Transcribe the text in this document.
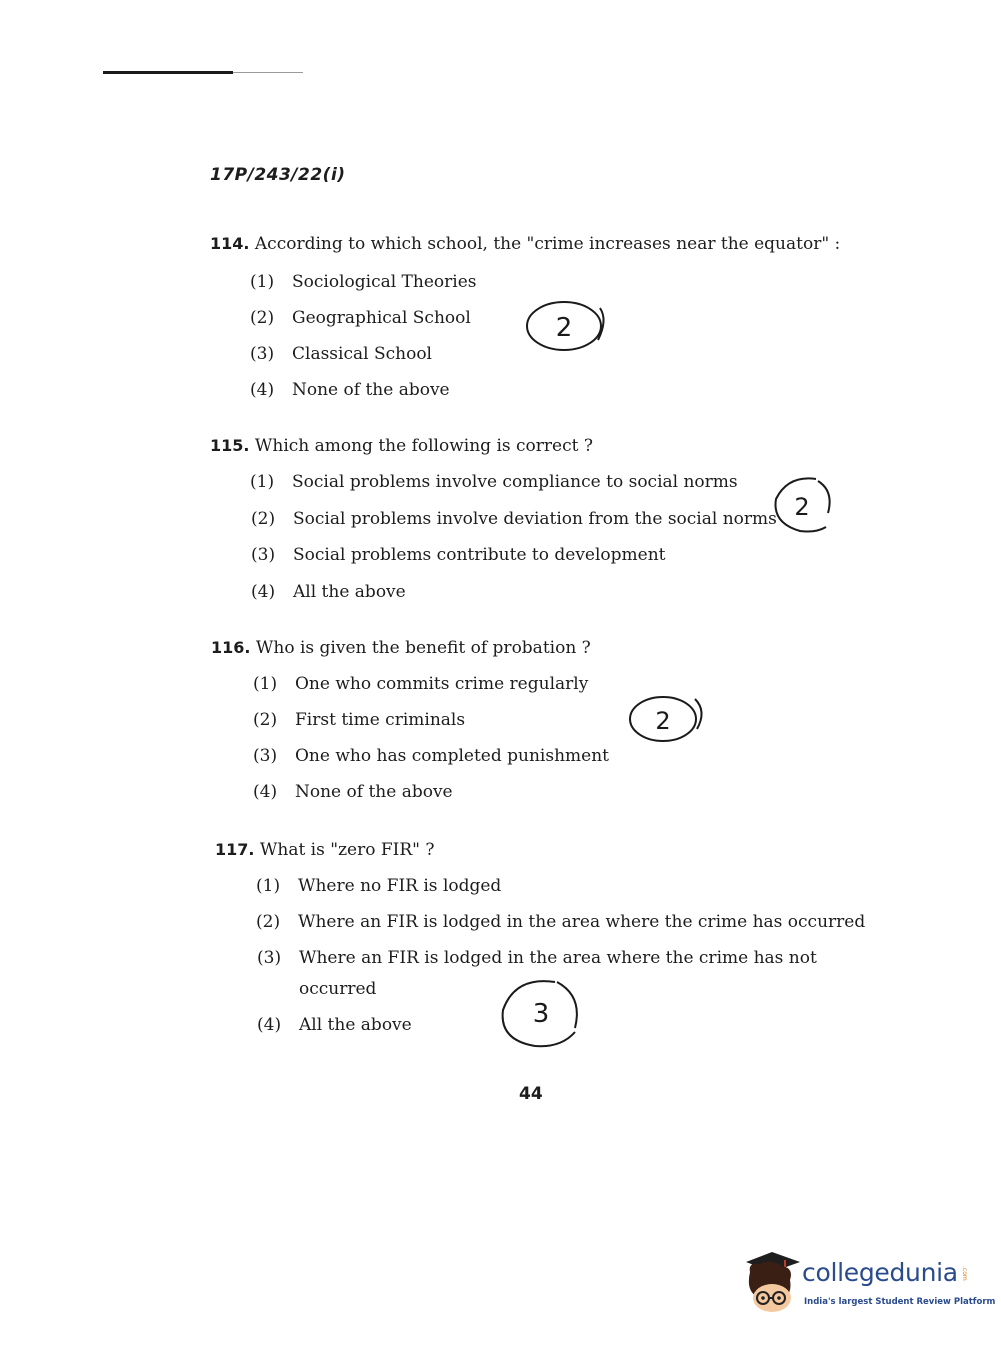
17P/243/22(i)
114. According to which school, the "crime increases near the equator" :
(1) Sociological Theories
(2) Geographical School
(3) Classical School
(4) None of the above
2
115. Which among the following is correct ?
(1) Social problems involve compliance to social norms
(2) Social problems involve deviation from the social norms
(3) Social problems contribute to development
(4) All the above
2
116. Who is given the benefit of probation ?
(1) One who commits crime regularly
(2) First time criminals
(3) One who has completed punishment
(4) None of the above
2
117. What is "zero FIR" ?
(1) Where no FIR is lodged
(2) Where an FIR is lodged in the area where the crime has occurred
(3) Where an FIR is lodged in the area where the crime has not
occurred
(4) All the above	3
44
collegedunia .com
India's largest Student Review Platform
